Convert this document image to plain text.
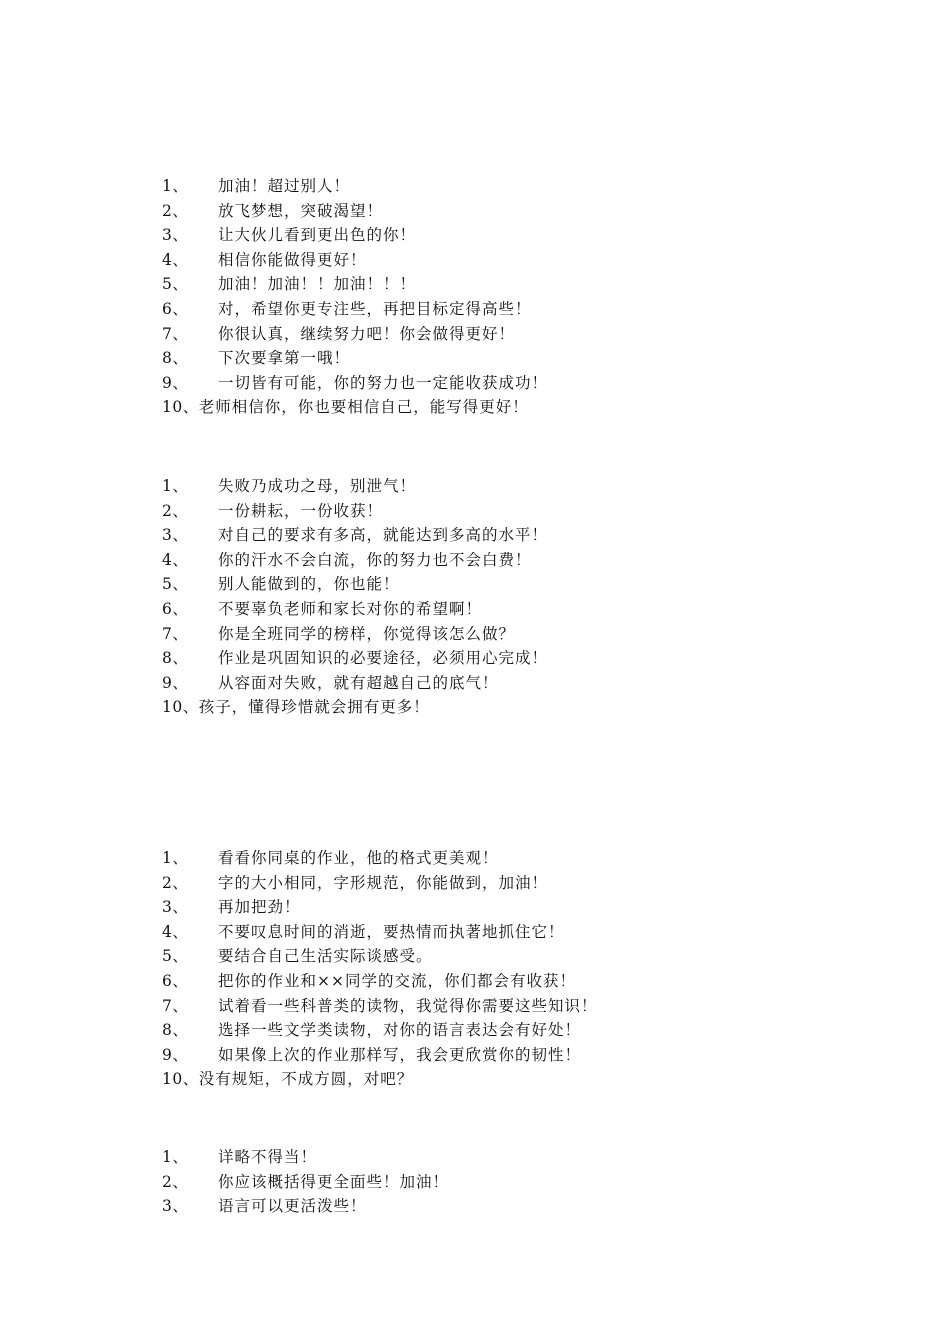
1、	加油！超过别人！
2、	放飞梦想，突破渴望！
3、	让大伙儿看到更出色的你！
4、	相信你能做得更好！
5、	加油！加油！！加油！！！
6、	对，希望你更专注些，再把目标定得高些！
7、	你很认真，继续努力吧！你会做得更好！
8、	下次要拿第一哦！
9、	一切皆有可能，你的努力也一定能收获成功！
10、 老师相信你，你也要相信自己，能写得更好！
1、	失败乃成功之母，别泄气！
2、	一份耕耘，一份收获！
3、	对自己的要求有多高，就能达到多高的水平！
4、	你的汗水不会白流，你的努力也不会白费！
5、	别人能做到的，你也能！
6、	不要辜负老师和家长对你的希望啊！
7、	你是全班同学的榜样，你觉得该怎么做？
8、	作业是巩固知识的必要途径，必须用心完成！
9、	从容面对失败，就有超越自己的底气！
10、 孩子，懂得珍惜就会拥有更多！
1、	看看你同桌的作业，他的格式更美观！
2、	字的大小相同，字形规范，你能做到，加油！
3、	再加把劲！
4、	不要叹息时间的消逝，要热情而执著地抓住它！
5、	要结合自己生活实际谈感受。
6、	把你的作业和××同学的交流，你们都会有收获！
7、	试着看一些科普类的读物，我觉得你需要这些知识！
8、	选择一些文学类读物，对你的语言表达会有好处！
9、	如果像上次的作业那样写，我会更欣赏你的韧性！
10、 没有规矩，不成方圆，对吧？
1、	详略不得当！
2、	你应该概括得更全面些！加油！
3、	语言可以更活泼些！
